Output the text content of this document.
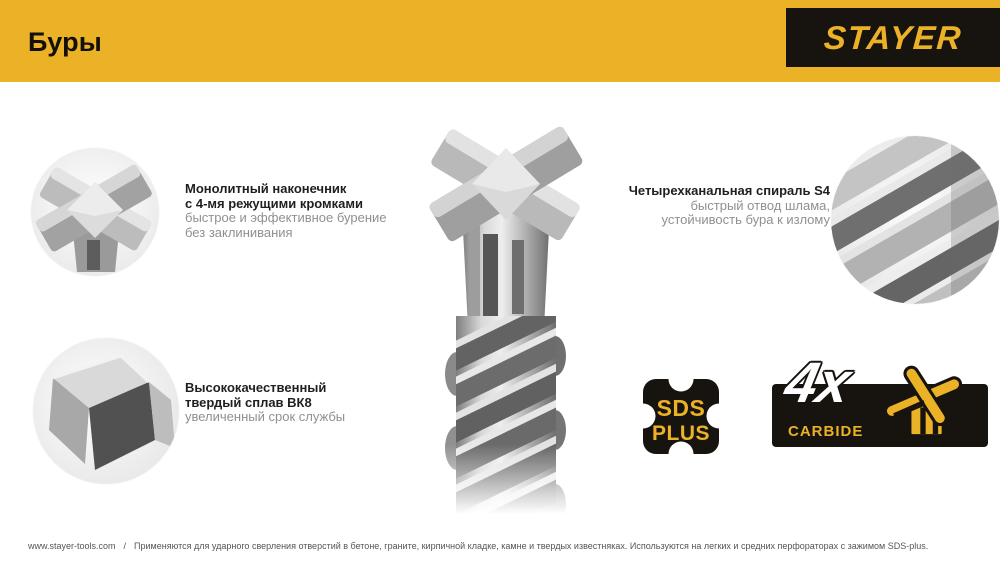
Буры	STAYER
Монолитный наконечник
с 4-мя режущими кромками
быстрое и эффективное бурение
без заклинивания
Высококачественный
твердый сплав ВК8
увеличенный срок службы
Четырехканальная спираль S4
быстрый отвод шлама,
устойчивость бура к излому
SDS
PLUS
4x
CARBIDE
www.stayer-tools.com / Применяются для ударного сверления отверстий в бетоне, граните, кирпичной кладке, камне и твердых известняках. Используются на легких и средних перфораторах с зажимом SDS-plus.
